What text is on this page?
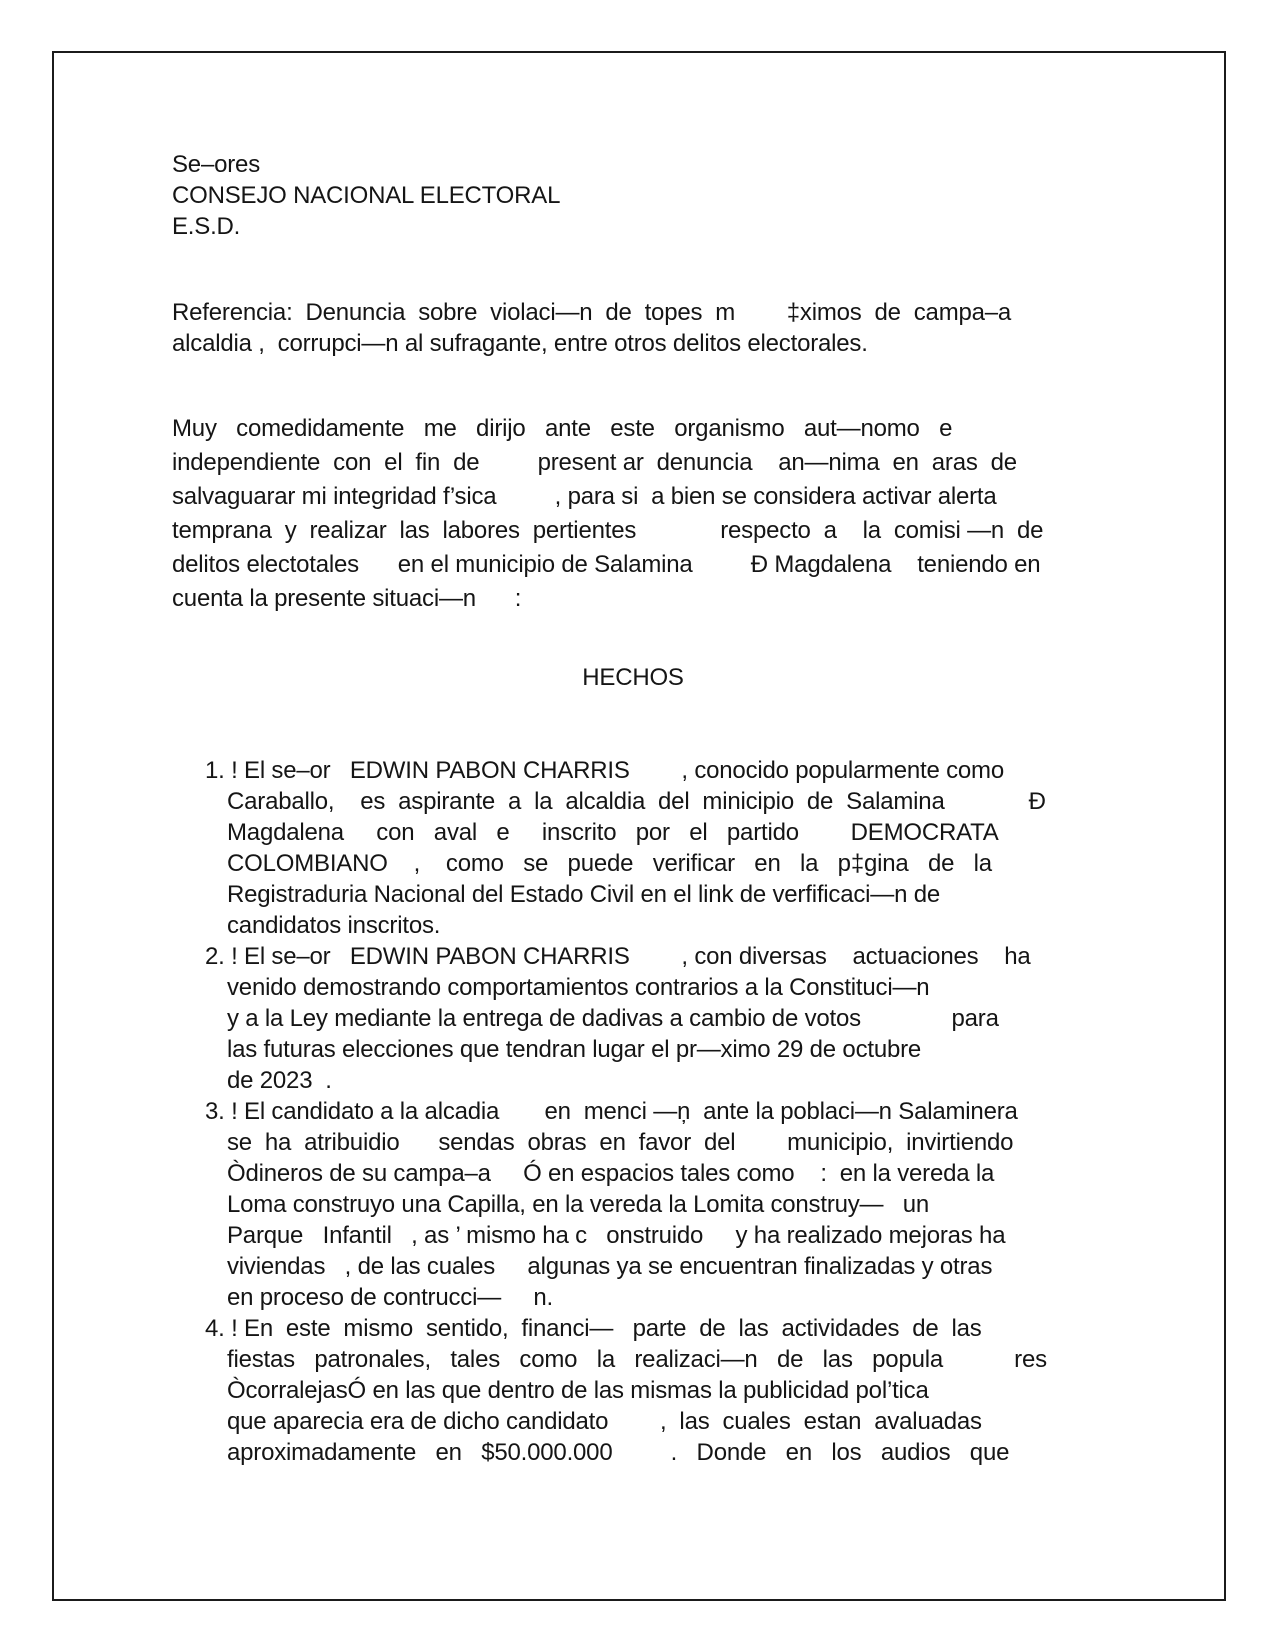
Se–ores
CONSEJO NACIONAL ELECTORAL
E.S.D.
Referencia:  Denuncia  sobre  violaci—n  de  topes  m        ‡ximos  de  campa–a
alcaldia ,  corrupci—n al sufragante, entre otros delitos electorales.
Muy   comedidamente   me   dirijo   ante   este   organismo   aut—nomo   e
independiente  con  el  fin  de         present ar  denuncia    an—nima  en  aras  de
salvaguarar mi integridad f’sica         , para si  a bien se considera activar alerta
temprana  y  realizar  las  labores  pertientes             respecto  a    la  comisi —n  de
delitos electotales      en el municipio de Salamina         Ð Magdalena    teniendo en
cuenta la presente situaci—n      :
HECHOS
1. ! El se–or   EDWIN PABON CHARRIS        , conocido popularmente como
Caraballo,    es  aspirante  a  la  alcaldia  del  minicipio  de  Salamina             Ð
Magdalena     con   aval   e     inscrito   por   el   partido        DEMOCRATA
COLOMBIANO    ,    como   se   puede   verificar   en   la   p‡gina   de   la
Registraduria Nacional del Estado Civil en el link de verfificaci—n de
candidatos inscritos.
2. ! El se–or   EDWIN PABON CHARRIS        , con diversas    actuaciones    ha
venido demostrando comportamientos contrarios a la Constituci—n
y a la Ley mediante la entrega de dadivas a cambio de votos              para
las futuras elecciones que tendran lugar el pr—ximo 29 de octubre
de 2023  .
3. ! El candidato a la alcadia       en  menci —ņ  ante la poblaci—n Salaminera
se  ha  atribuidio      sendas  obras  en  favor  del        municipio,  invirtiendo
Òdineros de su campa–a     Ó en espacios tales como    :  en la vereda la
Loma construyo una Capilla, en la vereda la Lomita construy—   un
Parque   Infantil   , as ’ mismo ha c   onstruido     y ha realizado mejoras ha
viviendas   , de las cuales     algunas ya se encuentran finalizadas y otras
en proceso de contrucci—     n.
4. ! En  este  mismo  sentido,  financi—   parte  de  las  actividades  de  las
fiestas   patronales,   tales   como   la   realizaci—n   de   las   popula           res
ÒcorralejasÓ en las que dentro de las mismas la publicidad pol’tica
que aparecia era de dicho candidato        ,  las  cuales  estan  avaluadas
aproximadamente   en   $50.000.000         .   Donde   en   los   audios   que
